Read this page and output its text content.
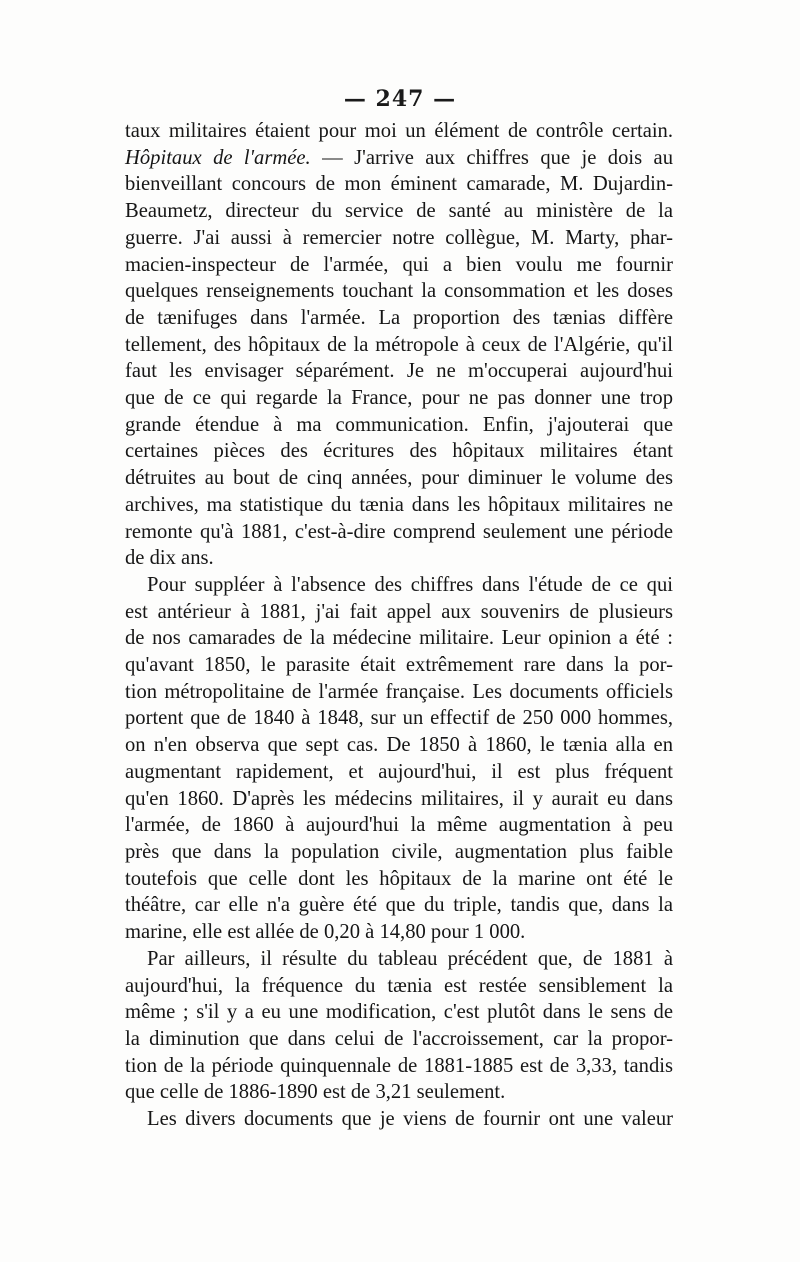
— 247 —
taux militaires étaient pour moi un élément de contrôle certain.
Hôpitaux de l'armée. — J'arrive aux chiffres que je dois au
bienveillant concours de mon éminent camarade, M. Dujardin-
Beaumetz, directeur du service de santé au ministère de la
guerre. J'ai aussi à remercier notre collègue, M. Marty, phar-
macien-inspecteur de l'armée, qui a bien voulu me fournir
quelques renseignements touchant la consommation et les doses
de tænifuges dans l'armée. La proportion des tænias diffère
tellement, des hôpitaux de la métropole à ceux de l'Algérie, qu'il
faut les envisager séparément. Je ne m'occuperai aujourd'hui
que de ce qui regarde la France, pour ne pas donner une trop
grande étendue à ma communication. Enfin, j'ajouterai que
certaines pièces des écritures des hôpitaux militaires étant
détruites au bout de cinq années, pour diminuer le volume des
archives, ma statistique du tænia dans les hôpitaux militaires ne
remonte qu'à 1881, c'est-à-dire comprend seulement une période
de dix ans.
Pour suppléer à l'absence des chiffres dans l'étude de ce qui
est antérieur à 1881, j'ai fait appel aux souvenirs de plusieurs
de nos camarades de la médecine militaire. Leur opinion a été :
qu'avant 1850, le parasite était extrêmement rare dans la por-
tion métropolitaine de l'armée française. Les documents officiels
portent que de 1840 à 1848, sur un effectif de 250 000 hommes,
on n'en observa que sept cas. De 1850 à 1860, le tænia alla en
augmentant rapidement, et aujourd'hui, il est plus fréquent
qu'en 1860. D'après les médecins militaires, il y aurait eu dans
l'armée, de 1860 à aujourd'hui la même augmentation à peu
près que dans la population civile, augmentation plus faible
toutefois que celle dont les hôpitaux de la marine ont été le
théâtre, car elle n'a guère été que du triple, tandis que, dans la
marine, elle est allée de 0,20 à 14,80 pour 1 000.
Par ailleurs, il résulte du tableau précédent que, de 1881 à
aujourd'hui, la fréquence du tænia est restée sensiblement la
même ; s'il y a eu une modification, c'est plutôt dans le sens de
la diminution que dans celui de l'accroissement, car la propor-
tion de la période quinquennale de 1881-1885 est de 3,33, tandis
que celle de 1886-1890 est de 3,21 seulement.
Les divers documents que je viens de fournir ont une valeur
